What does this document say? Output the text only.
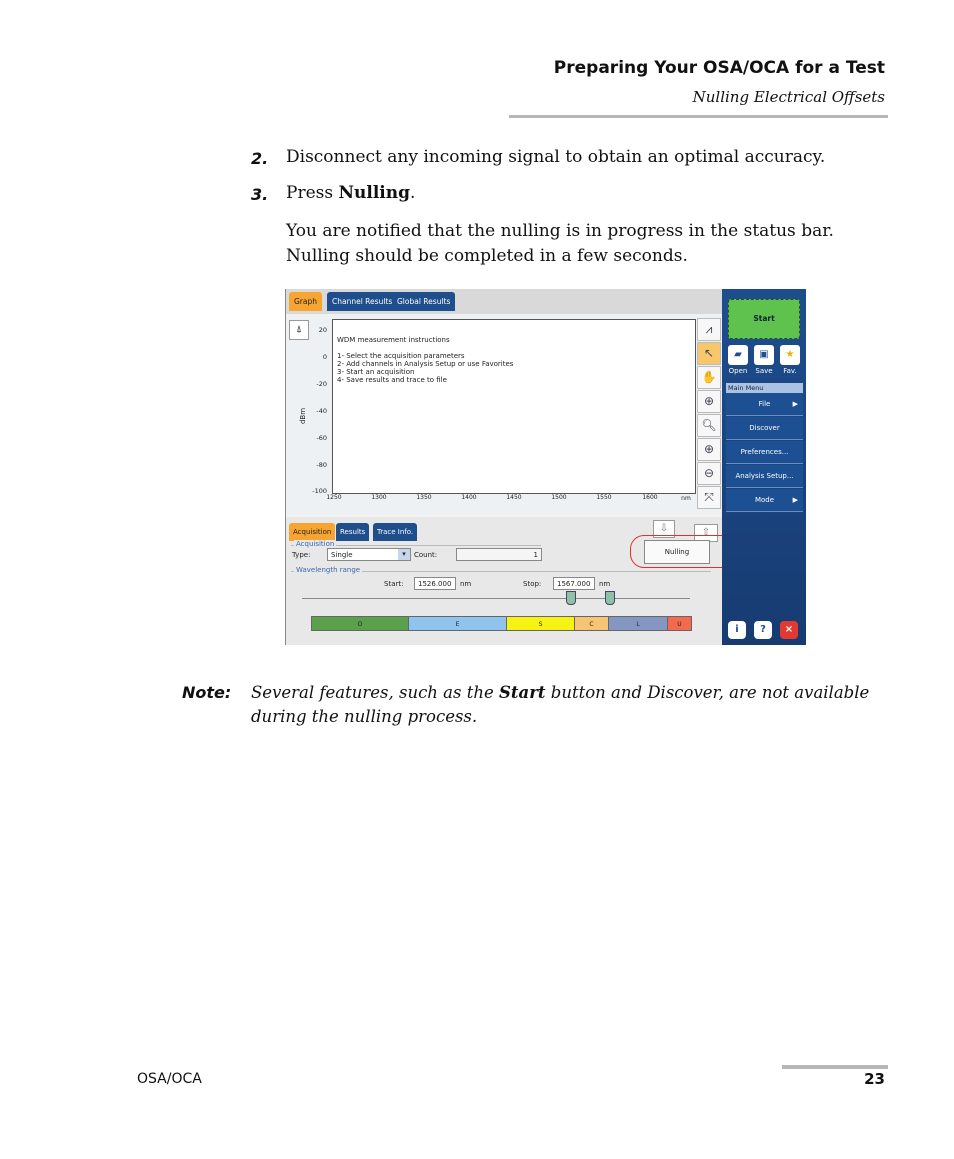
Preparing Your OSA/OCA for a Test
Nulling Electrical Offsets
2. Disconnect any incoming signal to obtain an optimal accuracy.
3. Press Nulling.
You are notified that the nulling is in progress in the status bar. Nulling should be completed in a few seconds.
Graph	Channel Results Global Results
⍋
dBm
20
0
-20
-40
-60
-80
-100
WDM measurement instructions
1- Select the acquisition parameters
2- Add channels in Analysis Setup or use Favorites
3- Start an acquisition
4- Save results and trace to file
1250	1300	1350	1400	1450	1500	1550	1600	nm
⩘
↖
✋
⊕
🔍︎
⊕
⊖
⤧
Acquisition	Results	Trace Info.	⇩	⇧
Acquisition
Type:	Single	▾	Count:	1	Nulling
Wavelength range
Start:	1526.000	nm	Stop:	1567.000	nm
O	E	S	C	L	U
Start
▰	▣	★
Open	Save	Fav.
Main Menu
File	▶
Discover
Preferences...
Analysis Setup...
Mode	▶
i	?	×
Note: Several features, such as the Start button and Discover, are not available during the nulling process.
OSA/OCA	23
